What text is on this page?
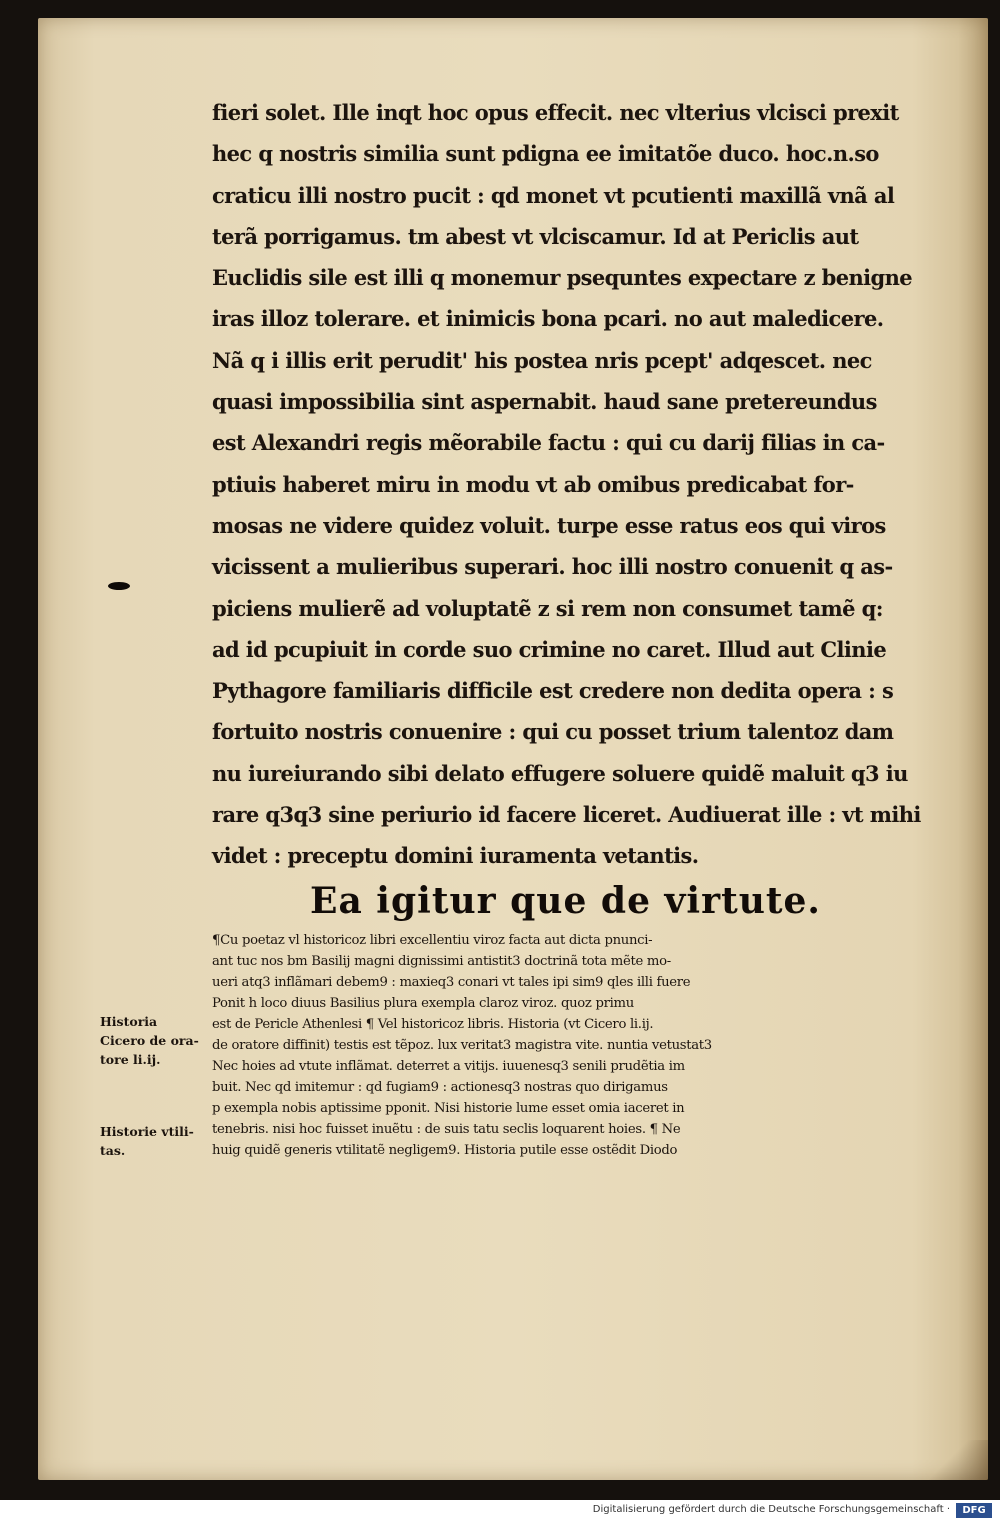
fieri solet. Ille inqt hoc opus effecit. nec vlterius vlcisci prexit
hec q nostris similia sunt pdigna ee imitatõe duco. hoc.n.so
craticu illi nostro pucit : qd monet vt pcutienti maxillã vnã al
terã porrigamus. tm abest vt vlciscamur. Id at Periclis aut
Euclidis sile est illi q monemur psequntes expectare z benigne
iras illoz tolerare. et inimicis bona pcari. no aut maledicere.
Nã q i illis erit perudit' his postea nris pcept' adqescet. nec
quasi impossibilia sint aspernabit. haud sane pretereundus
est Alexandri regis mẽorabile factu : qui cu darij filias in ca-
ptiuis haberet miru in modu vt ab omibus predicabat for-
mosas ne videre quidez voluit. turpe esse ratus eos qui viros
vicissent a mulieribus superari. hoc illi nostro conuenit q as-
piciens mulierẽ ad voluptatẽ z si rem non consumet tamẽ q:
ad id pcupiuit in corde suo crimine no caret. Illud aut Clinie
Pythagore familiaris difficile est credere non dedita opera : s
fortuito nostris conuenire : qui cu posset trium talentoz dam
nu iureiurando sibi delato effugere soluere quidẽ maluit q3 iu
rare q3q3 sine periurio id facere liceret. Audiuerat ille : vt mihi
videt : preceptu domini iuramenta vetantis.
Ea igitur que de virtute.
¶Cu poetaz vl historicoz libri excellentiu viroz facta aut dicta pnunci-
ant tuc nos bm Basilij magni dignissimi antistit3 doctrinã tota mẽte mo-
ueri atq3 inflãmari debem9 : maxieq3 conari vt tales ipi sim9 qles illi fuere
Ponit h loco diuus Basilius plura exempla claroz viroz. quoz primu
est de Pericle Athenlesi ¶ Vel historicoz libris. Historia (vt Cicero li.ij.
de oratore diffinit) testis est tẽpoz. lux veritat3 magistra vite. nuntia vetustat3
Nec hoies ad vtute inflãmat. deterret a vitijs. iuuenesq3 senili prudẽtia im
buit. Nec qd imitemur : qd fugiam9 : actionesq3 nostras quo dirigamus
p exempla nobis aptissime pponit. Nisi historie lume esset omia iaceret in
tenebris. nisi hoc fuisset inuẽtu : de suis tatu seclis loquarent hoies. ¶ Ne
huig quidẽ generis vtilitatẽ negligem9. Historia putile esse ostẽdit Diodo
Historia
Cicero de ora-
tore li.ij.
Historie vtili-
tas.
Digitalisierung gefördert durch die Deutsche Forschungsgemeinschaft ·	DFG
